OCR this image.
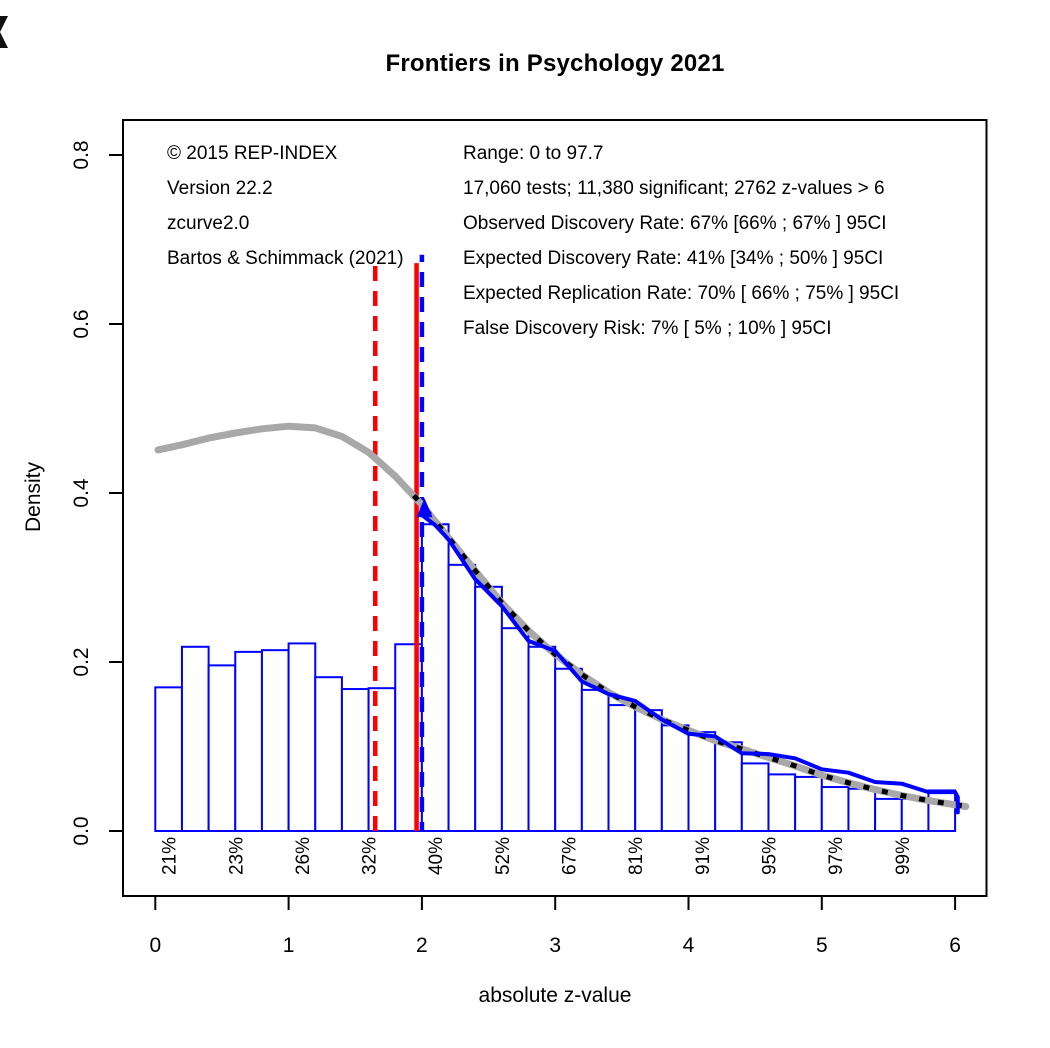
Frontiers in Psychology 2021
0	1	2	3	4	5	6
0.0
0.2
0.4
0.6
0.8
21% 23% 26% 32% 40% 52% 67% 81% 91% 95% 97% 99%
© 2015 REP-INDEX
Version 22.2
zcurve2.0
Bartos & Schimmack (2021)
Range: 0 to 97.7
17,060 tests; 11,380 significant; 2762 z-values > 6
Observed Discovery Rate: 67% [66% ; 67% ] 95CI
Expected Discovery Rate: 41% [34% ; 50% ] 95CI
Expected Replication Rate: 70% [ 66% ; 75% ] 95CI
False Discovery Risk: 7% [ 5% ; 10% ] 95CI
absolute z-value
Density
